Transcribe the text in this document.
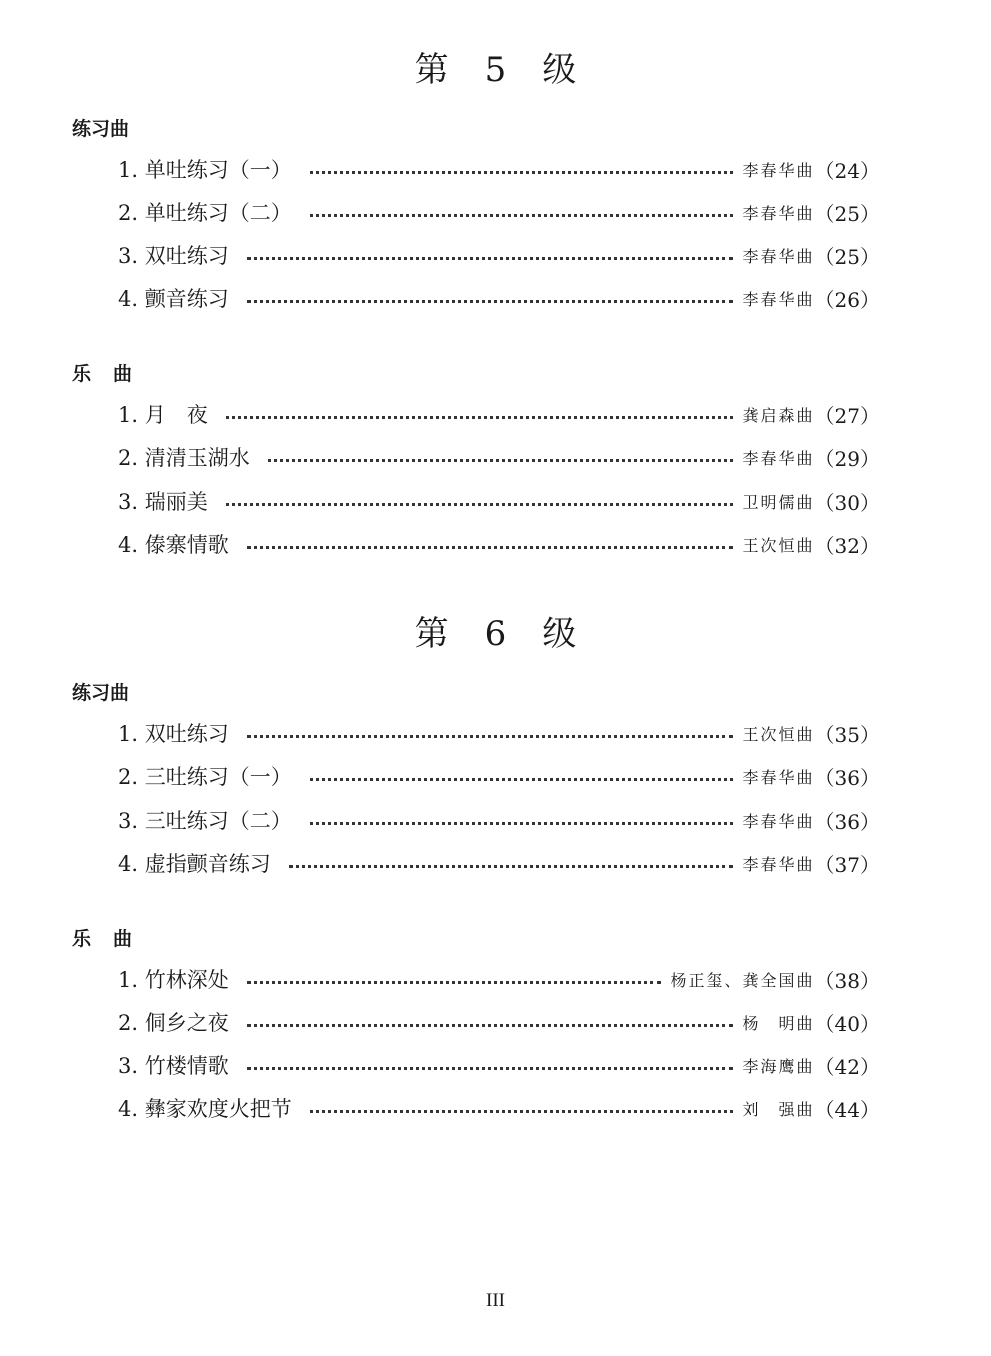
第 5 级
练习曲
1. 单吐练习（一）	李春华曲 （24）
2. 单吐练习（二）	李春华曲 （25）
3. 双吐练习	李春华曲 （25）
4. 颤音练习	李春华曲 （26）
乐曲
1. 月　夜	龚启森曲 （27）
2. 清清玉湖水	李春华曲 （29）
3. 瑞丽美	卫明儒曲 （30）
4. 傣寨情歌	王次恒曲 （32）
第 6 级
练习曲
1. 双吐练习	王次恒曲 （35）
2. 三吐练习（一）	李春华曲 （36）
3. 三吐练习（二）	李春华曲 （36）
4. 虚指颤音练习	李春华曲 （37）
乐曲
1. 竹林深处	杨正玺、龚全国曲 （38）
2. 侗乡之夜	杨　明曲 （40）
3. 竹楼情歌	李海鹰曲 （42）
4. 彝家欢度火把节	刘　强曲 （44）
III
